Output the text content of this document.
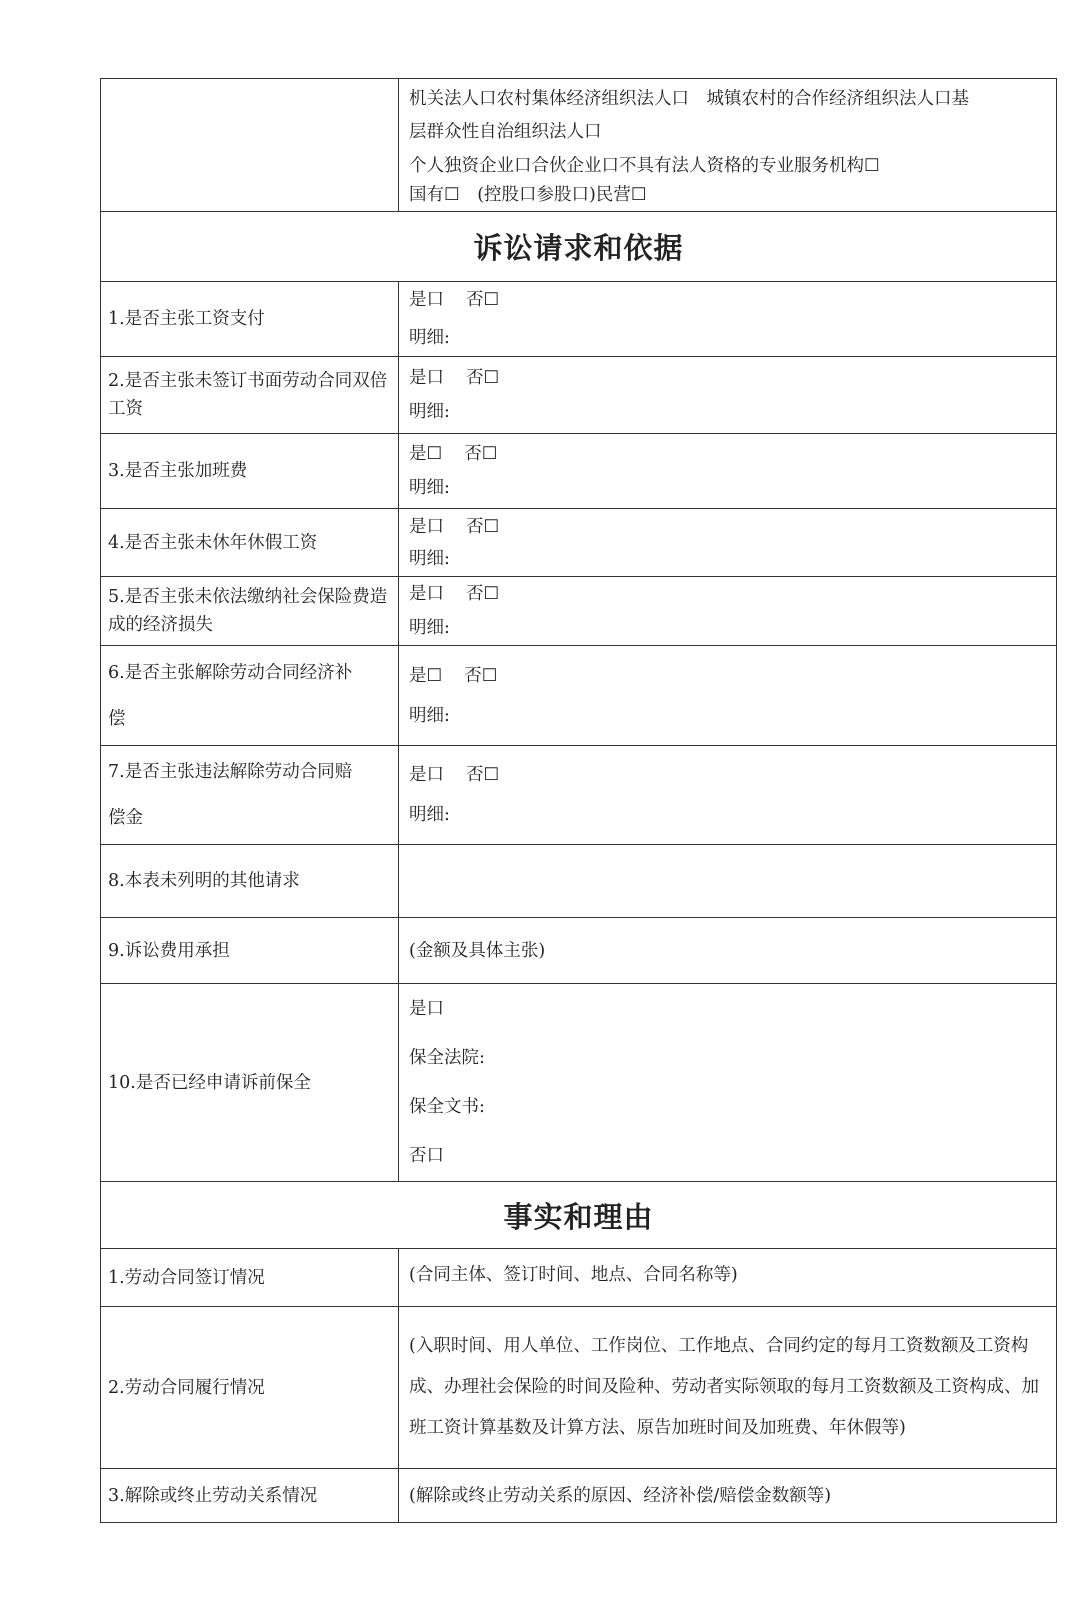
	机关法人口农村集体经济组织法人口　城镇农村的合作经济组织法人口基
层群众性自治组织法人口
个人独资企业口合伙企业口不具有法人资格的专业服务机构☐
国有☐　(控股口参股口)民营☐

诉讼请求和依据	
1.是否主张工资支付	是口 否☐
明细:

2.是否主张未签订书面劳动合同双倍工资	是口 否☐
明细:

3.是否主张加班费	是☐ 否☐
明细:

4.是否主张未休年休假工资	是口 否☐
明细:

5.是否主张未依法缴纳社会保险费造成的经济损失	是口 否☐
明细:

6.是否主张解除劳动合同经济补
偿	是☐ 否☐
明细:

7.是否主张违法解除劳动合同赔
偿金	是口 否☐
明细:

8.本表未列明的其他请求	
9.诉讼费用承担	(金额及具体主张)
10.是否已经申请诉前保全	是口
保全法院:
保全文书:
否口

事实和理由	
1.劳动合同签订情况	(合同主体、签订时间、地点、合同名称等)
2.劳动合同履行情况	(入职时间、用人单位、工作岗位、工作地点、合同约定的每月工资数额及工资构成、办理社会保险的时间及险种、劳动者实际领取的每月工资数额及工资构成、加班工资计算基数及计算方法、原告加班时间及加班费、年休假等)

3.解除或终止劳动关系情况	(解除或终止劳动关系的原因、经济补偿/赔偿金数额等)
